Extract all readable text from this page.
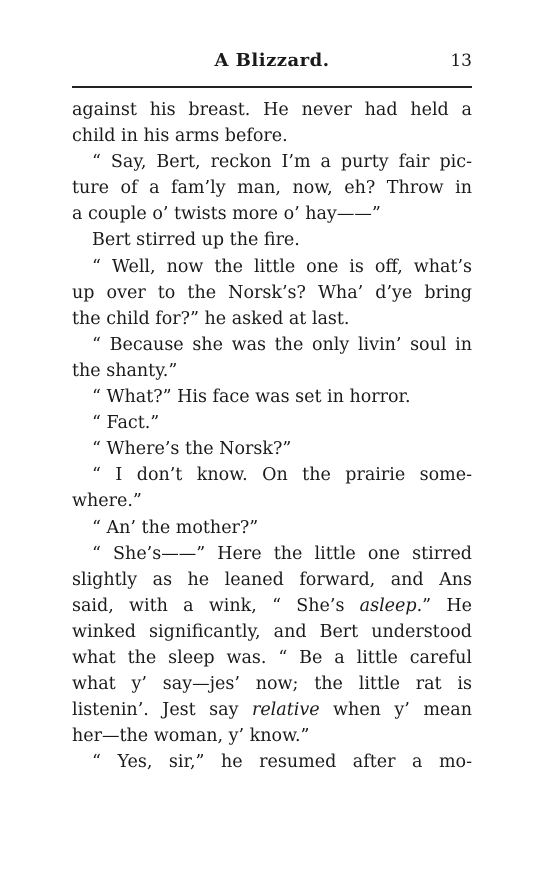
A Blizzard.	13
against his breast. He never had held a
child in his arms before.
“ Say, Bert, reckon I’m a purty fair pic-
ture of a fam’ly man, now, eh? Throw in
a couple o’ twists more o’ hay——”
Bert stirred up the fire.
“ Well, now the little one is off, what’s
up over to the Norsk’s? Wha’ d’ye bring
the child for?” he asked at last.
“ Because she was the only livin’ soul in
the shanty.”
“ What?” His face was set in horror.
“ Fact.”
“ Where’s the Norsk?”
“ I don’t know. On the prairie some-
where.”
“ An’ the mother?”
“ She’s——” Here the little one stirred
slightly as he leaned forward, and Ans
said, with a wink, “ She’s asleep.” He
winked significantly, and Bert understood
what the sleep was. “ Be a little careful
what y’ say—jes’ now; the little rat is
listenin’. Jest say relative when y’ mean
her—the woman, y’ know.”
“ Yes, sir,” he resumed after a mo-
